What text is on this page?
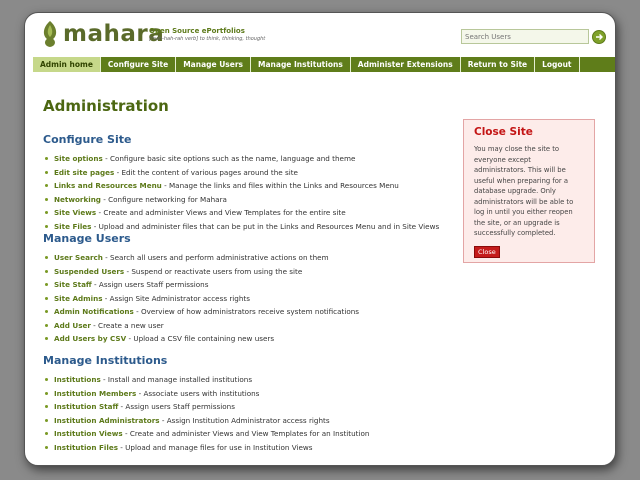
mahara
Open Source ePortfolios
[mah-hah-rah verb] to think, thinking, thought
Search Users
Admin home	Configure Site	Manage Users	Manage Institutions	Administer Extensions	Return to Site	Logout
Administration
Configure Site
Site options - Configure basic site options such as the name, language and theme
Edit site pages - Edit the content of various pages around the site
Links and Resources Menu - Manage the links and files within the Links and Resources Menu
Networking - Configure networking for Mahara
Site Views - Create and administer Views and View Templates for the entire site
Site Files - Upload and administer files that can be put in the Links and Resources Menu and in Site Views
Manage Users
User Search - Search all users and perform administrative actions on them
Suspended Users - Suspend or reactivate users from using the site
Site Staff - Assign users Staff permissions
Site Admins - Assign Site Administrator access rights
Admin Notifications - Overview of how administrators receive system notifications
Add User - Create a new user
Add Users by CSV - Upload a CSV file containing new users
Manage Institutions
Institutions - Install and manage installed institutions
Institution Members - Associate users with institutions
Institution Staff - Assign users Staff permissions
Institution Administrators - Assign Institution Administrator access rights
Institution Views - Create and administer Views and View Templates for an Institution
Institution Files - Upload and manage files for use in Institution Views
Close Site

You may close the site to everyone except administrators. This will be useful when preparing for a database upgrade. Only administrators will be able to log in until you either reopen the site, or an upgrade is successfully completed.

Close
